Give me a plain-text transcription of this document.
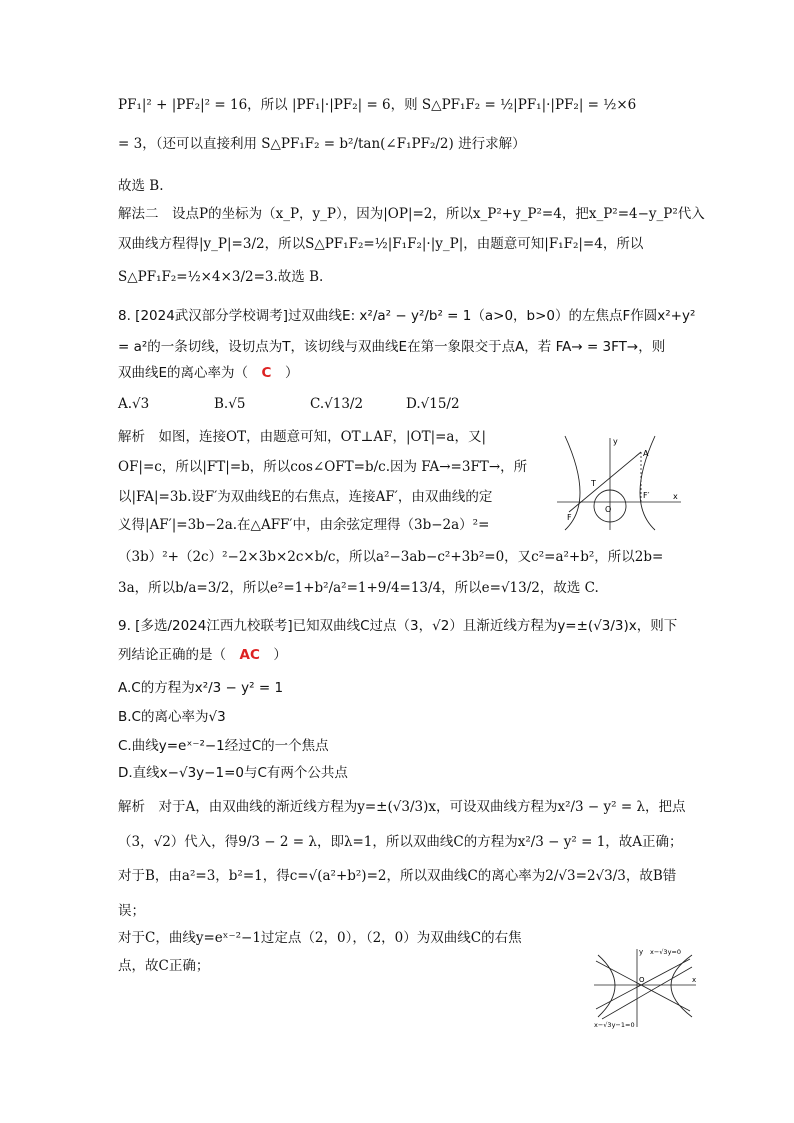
PF₁|² + |PF₂|² = 16，所以 |PF₁|·|PF₂| = 6，则 S△PF₁F₂ = ½|PF₁|·|PF₂| = ½×6
= 3，（还可以直接利用 S△PF₁F₂ = b²/tan(∠F₁PF₂/2) 进行求解）
故选 B.
解法二　设点P的坐标为（x_P，y_P），因为|OP|=2，所以x_P²+y_P²=4，把x_P²=4−y_P²代入
双曲线方程得|y_P|=3/2，所以S△PF₁F₂=½|F₁F₂|·|y_P|，由题意可知|F₁F₂|=4，所以
S△PF₁F₂=½×4×3/2=3.故选 B.
8. [2024武汉部分学校调考]过双曲线E: x²/a² − y²/b² = 1（a>0，b>0）的左焦点F作圆x²+y²
= a²的一条切线，设切点为T，该切线与双曲线E在第一象限交于点A，若 FA→ = 3FT→，则
双曲线E的离心率为（　C　）
A.√3	B.√5	C.√13/2	D.√15/2
解析　如图，连接OT，由题意可知，OT⊥AF，|OT|=a，又|
OF|=c，所以|FT|=b，所以cos∠OFT=b/c.因为 FA→=3FT→，所
以|FA|=3b.设F′为双曲线E的右焦点，连接AF′，由双曲线的定
义得|AF′|=3b−2a.在△AFF′中，由余弦定理得（3b−2a）²=
（3b）²+（2c）²−2×3b×2c×b/c，所以a²−3ab−c²+3b²=0，又c²=a²+b²，所以2b=
3a，所以b/a=3/2，所以e²=1+b²/a²=1+9/4=13/4，所以e=√13/2，故选 C.
y
x
A
T
O
F′
F
9. [多选/2024江西九校联考]已知双曲线C过点（3，√2）且渐近线方程为y=±(√3/3)x，则下
列结论正确的是（　AC　）
A.C的方程为x²/3 − y² = 1
B.C的离心率为√3
C.曲线y=eˣ⁻²−1经过C的一个焦点
D.直线x−√3y−1=0与C有两个公共点
解析　对于A，由双曲线的渐近线方程为y=±(√3/3)x，可设双曲线方程为x²/3 − y² = λ，把点
（3，√2）代入，得9/3 − 2 = λ，即λ=1，所以双曲线C的方程为x²/3 − y² = 1，故A正确；
对于B，由a²=3，b²=1，得c=√(a²+b²)=2，所以双曲线C的离心率为2/√3=2√3/3，故B错
误；
对于C，曲线y=eˣ⁻²−1过定点（2，0），（2，0）为双曲线C的右焦
点，故C正确；
x−√3y=0
x−√3y−1=0
y
x
O
